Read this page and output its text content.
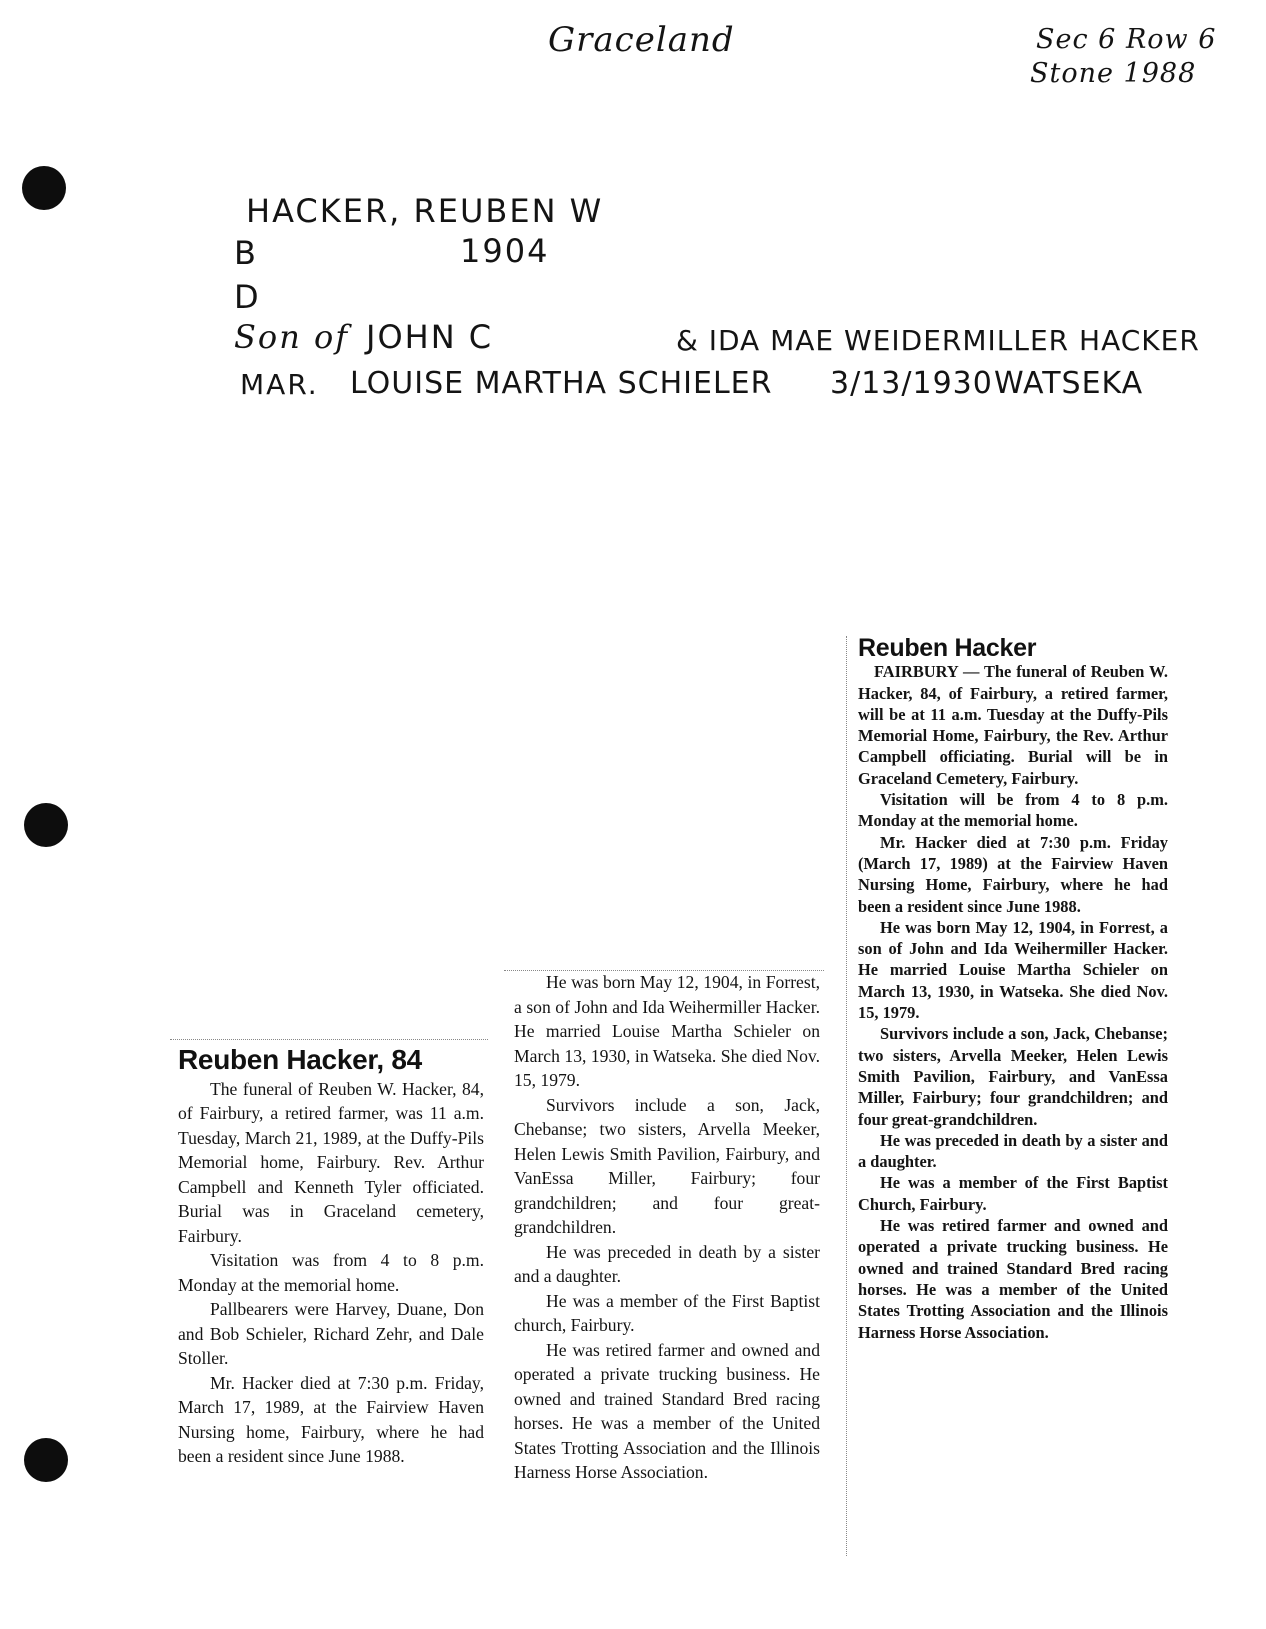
Graceland	Sec 6 Row 6
Stone 1988
HACKER, REUBEN W
B	1904
D
Son of JOHN C	& IDA MAE WEIDERMILLER HACKER
MAR. LOUISE MARTHA SCHIELER 3/13/1930 WATSEKA
Reuben Hacker, 84

The funeral of Reuben W. Hacker, 84, of Fairbury, a retired farmer, was 11 a.m. Tuesday, March 21, 1989, at the Duffy-Pils Memorial home, Fairbury. Rev. Arthur Campbell and Kenneth Tyler officiated. Burial was in Graceland cemetery, Fairbury.

Visitation was from 4 to 8 p.m. Monday at the memorial home.

Pallbearers were Harvey, Duane, Don and Bob Schieler, Richard Zehr, and Dale Stoller.

Mr. Hacker died at 7:30 p.m. Friday, March 17, 1989, at the Fairview Haven Nursing home, Fairbury, where he had been a resident since June 1988.

He was born May 12, 1904, in Forrest, a son of John and Ida Weihermiller Hacker. He married Louise Martha Schieler on March 13, 1930, in Watseka. She died Nov. 15, 1979.

Survivors include a son, Jack, Chebanse; two sisters, Arvella Meeker, Helen Lewis Smith Pavilion, Fairbury, and VanEssa Miller, Fairbury; four grandchildren; and four great-grandchildren.

He was preceded in death by a sister and a daughter.

He was a member of the First Baptist church, Fairbury.

He was retired farmer and owned and operated a private trucking business. He owned and trained Standard Bred racing horses. He was a member of the United States Trotting Association and the Illinois Harness Horse Association.

Reuben Hacker

FAIRBURY — The funeral of Reuben W. Hacker, 84, of Fairbury, a retired farmer, will be at 11 a.m. Tuesday at the Duffy-Pils Memorial Home, Fairbury, the Rev. Arthur Campbell officiating. Burial will be in Graceland Cemetery, Fairbury.

Visitation will be from 4 to 8 p.m. Monday at the memorial home.

Mr. Hacker died at 7:30 p.m. Friday (March 17, 1989) at the Fairview Haven Nursing Home, Fairbury, where he had been a resident since June 1988.

He was born May 12, 1904, in Forrest, a son of John and Ida Weihermiller Hacker. He married Louise Martha Schieler on March 13, 1930, in Watseka. She died Nov. 15, 1979.

Survivors include a son, Jack, Chebanse; two sisters, Arvella Meeker, Helen Lewis Smith Pavilion, Fairbury, and VanEssa Miller, Fairbury; four grandchildren; and four great-grandchildren.

He was preceded in death by a sister and a daughter.

He was a member of the First Baptist Church, Fairbury.

He was retired farmer and owned and operated a private trucking business. He owned and trained Standard Bred racing horses. He was a member of the United States Trotting Association and the Illinois Harness Horse Association.
